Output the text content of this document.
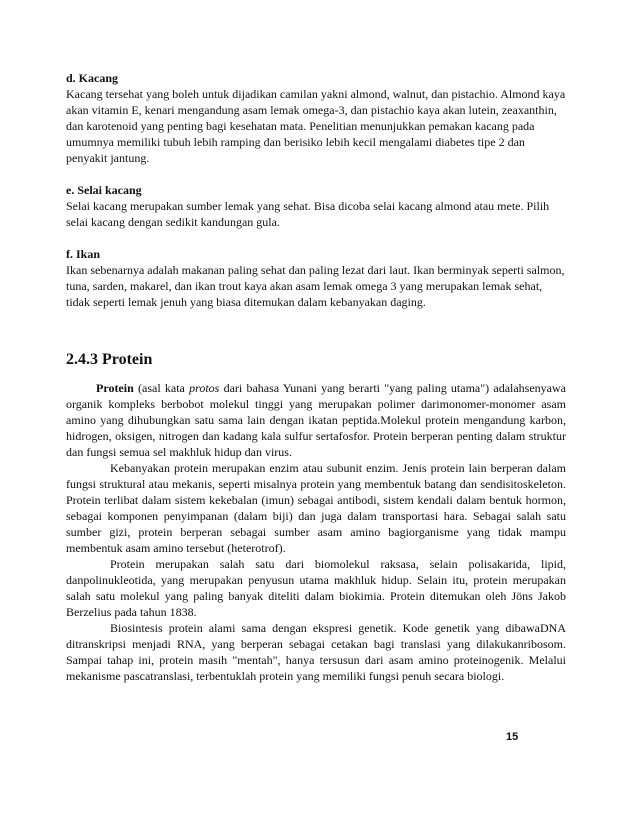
d. Kacang

Kacang tersehat yang boleh untuk dijadikan camilan yakni almond, walnut, dan pistachio. Almond kaya akan vitamin E, kenari mengandung asam lemak omega-3, dan pistachio kaya akan lutein, zeaxanthin, dan karotenoid yang penting bagi kesehatan mata. Penelitian menunjukkan pemakan kacang pada umumnya memiliki tubuh lebih ramping dan berisiko lebih kecil mengalami diabetes tipe 2 dan penyakit jantung.

e. Selai kacang

Selai kacang merupakan sumber lemak yang sehat. Bisa dicoba selai kacang almond atau mete. Pilih selai kacang dengan sedikit kandungan gula.

f. Ikan

Ikan sebenarnya adalah makanan paling sehat dan paling lezat dari laut. Ikan berminyak seperti salmon, tuna, sarden, makarel, dan ikan trout kaya akan asam lemak omega 3 yang merupakan lemak sehat, tidak seperti lemak jenuh yang biasa ditemukan dalam kebanyakan daging.

2.4.3 Protein

Protein (asal kata protos dari bahasa Yunani yang berarti "yang paling utama") adalahsenyawa organik kompleks berbobot molekul tinggi yang merupakan polimer darimonomer-monomer asam amino yang dihubungkan satu sama lain dengan ikatan peptida.Molekul protein mengandung karbon, hidrogen, oksigen, nitrogen dan kadang kala sulfur sertafosfor. Protein berperan penting dalam struktur dan fungsi semua sel makhluk hidup dan virus.

Kebanyakan protein merupakan enzim atau subunit enzim. Jenis protein lain berperan dalam fungsi struktural atau mekanis, seperti misalnya protein yang membentuk batang dan sendisitoskeleton. Protein terlibat dalam sistem kekebalan (imun) sebagai antibodi, sistem kendali dalam bentuk hormon, sebagai komponen penyimpanan (dalam biji) dan juga dalam transportasi hara. Sebagai salah satu sumber gizi, protein berperan sebagai sumber asam amino bagiorganisme yang tidak mampu membentuk asam amino tersebut (heterotrof).

Protein merupakan salah satu dari biomolekul raksasa, selain polisakarida, lipid, danpolinukleotida, yang merupakan penyusun utama makhluk hidup. Selain itu, protein merupakan salah satu molekul yang paling banyak diteliti dalam biokimia. Protein ditemukan oleh Jöns Jakob Berzelius pada tahun 1838.

Biosintesis protein alami sama dengan ekspresi genetik. Kode genetik yang dibawaDNA ditranskripsi menjadi RNA, yang berperan sebagai cetakan bagi translasi yang dilakukanribosom. Sampai tahap ini, protein masih "mentah", hanya tersusun dari asam amino proteinogenik. Melalui mekanisme pascatranslasi, terbentuklah protein yang memiliki fungsi penuh secara biologi.

15
